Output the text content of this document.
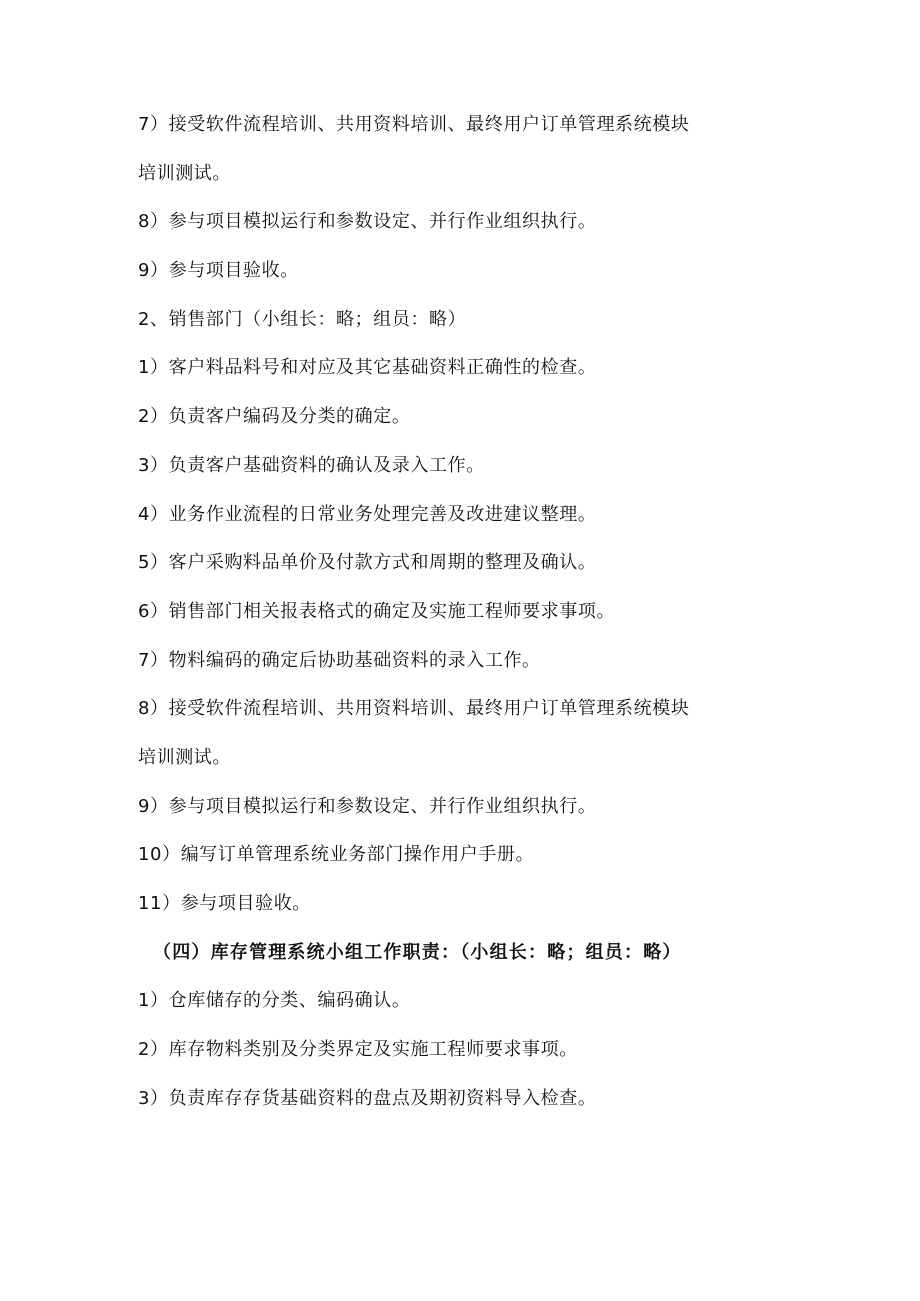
7）接受软件流程培训、共用资料培训、最终用户订单管理系统模块
培训测试。
8）参与项目模拟运行和参数设定、并行作业组织执行。
9）参与项目验收。
2、销售部门（小组长：略；组员：略）
1）客户料品料号和对应及其它基础资料正确性的检查。
2）负责客户编码及分类的确定。
3）负责客户基础资料的确认及录入工作。
4）业务作业流程的日常业务处理完善及改进建议整理。
5）客户采购料品单价及付款方式和周期的整理及确认。
6）销售部门相关报表格式的确定及实施工程师要求事项。
7）物料编码的确定后协助基础资料的录入工作。
8）接受软件流程培训、共用资料培训、最终用户订单管理系统模块
培训测试。
9）参与项目模拟运行和参数设定、并行作业组织执行。
10）编写订单管理系统业务部门操作用户手册。
11）参与项目验收。
（四）库存管理系统小组工作职责：（小组长：略；组员：略）
1）仓库储存的分类、编码确认。
2）库存物料类别及分类界定及实施工程师要求事项。
3）负责库存存货基础资料的盘点及期初资料导入检查。
